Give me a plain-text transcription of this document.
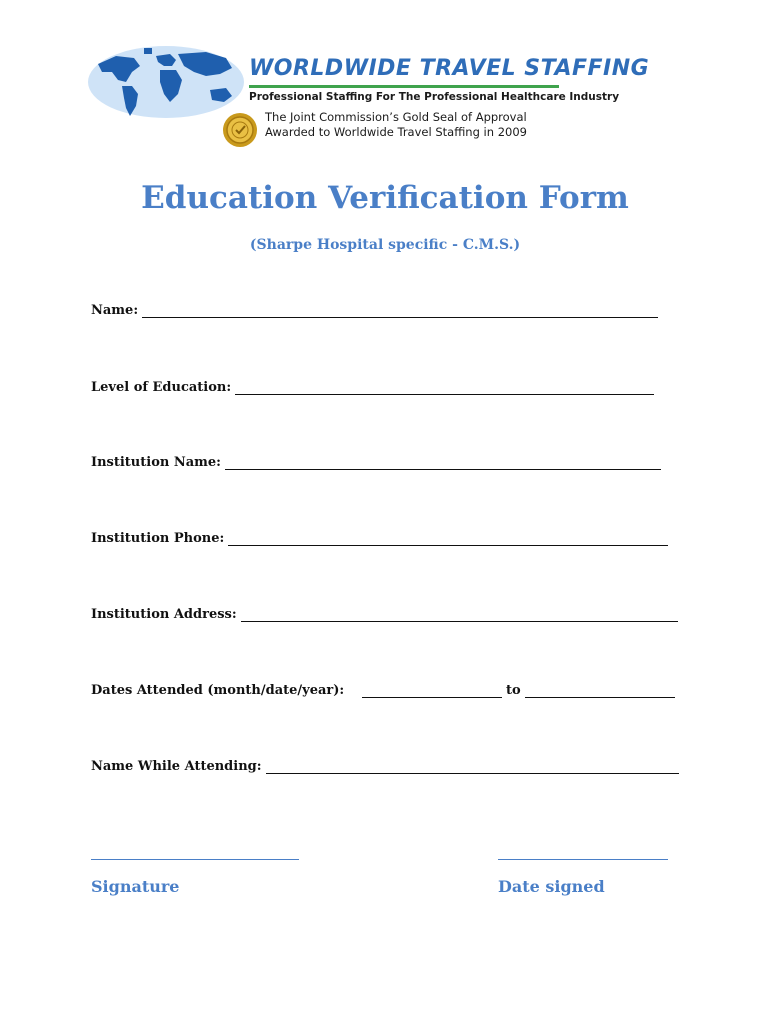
WORLDWIDE TRAVEL STAFFING
Professional Staffing For The Professional Healthcare Industry
The Joint Commission’s Gold Seal of Approval
Awarded to Worldwide Travel Staffing in 2009
Education Verification Form
(Sharpe Hospital specific - C.M.S.)
Name:
Level of Education:
Institution Name:
Institution Phone:
Institution Address:
Dates Attended (month/date/year):	to
Name While Attending:
Signature	Date signed
